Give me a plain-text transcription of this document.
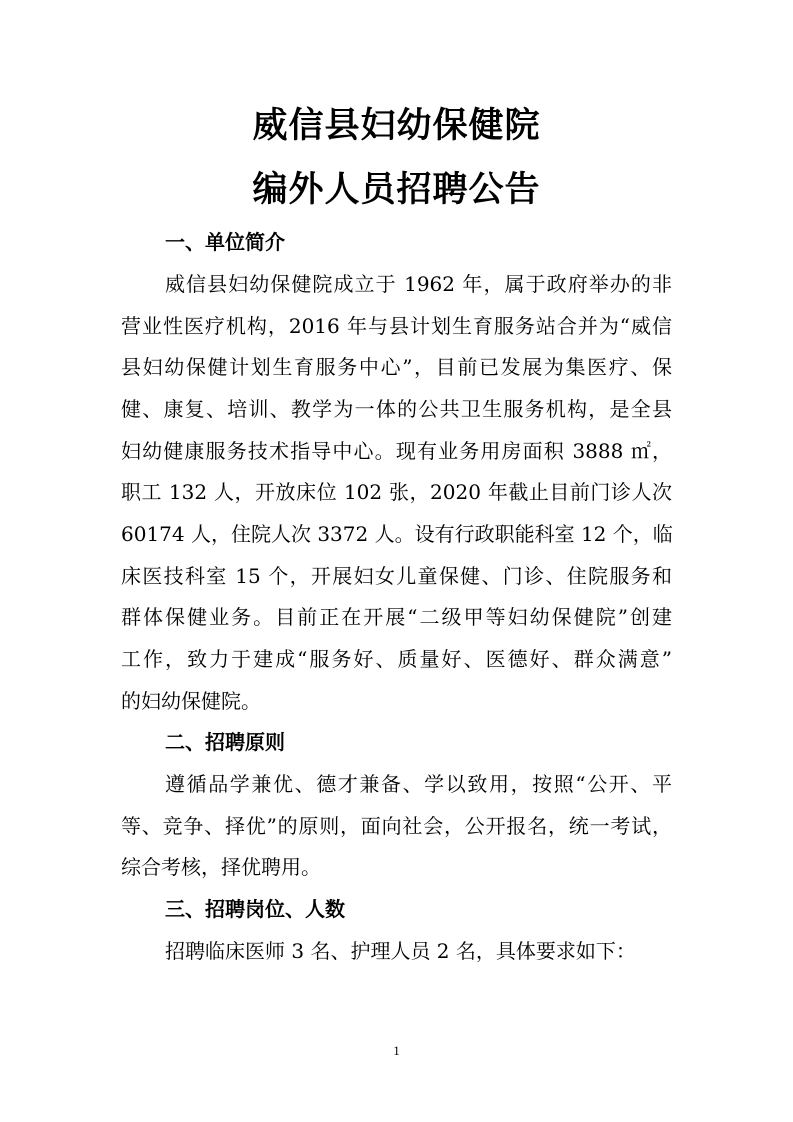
威信县妇幼保健院
编外人员招聘公告
一、单位简介
威信县妇幼保健院成立于 1962 年，属于政府举办的非
营业性医疗机构，2016 年与县计划生育服务站合并为“威信
县妇幼保健计划生育服务中心”，目前已发展为集医疗、保
健、康复、培训、教学为一体的公共卫生服务机构，是全县
妇幼健康服务技术指导中心。现有业务用房面积 3888 ㎡，
职工 132 人，开放床位 102 张，2020 年截止目前门诊人次
60174 人，住院人次 3372 人。设有行政职能科室 12 个，临
床医技科室 15 个，开展妇女儿童保健、门诊、住院服务和
群体保健业务。目前正在开展“二级甲等妇幼保健院”创建
工作，致力于建成“服务好、质量好、医德好、群众满意”
的妇幼保健院。
二、招聘原则
遵循品学兼优、德才兼备、学以致用，按照“公开、平
等、竞争、择优”的原则，面向社会，公开报名，统一考试，
综合考核，择优聘用。
三、招聘岗位、人数
招聘临床医师 3 名、护理人员 2 名，具体要求如下：
1
